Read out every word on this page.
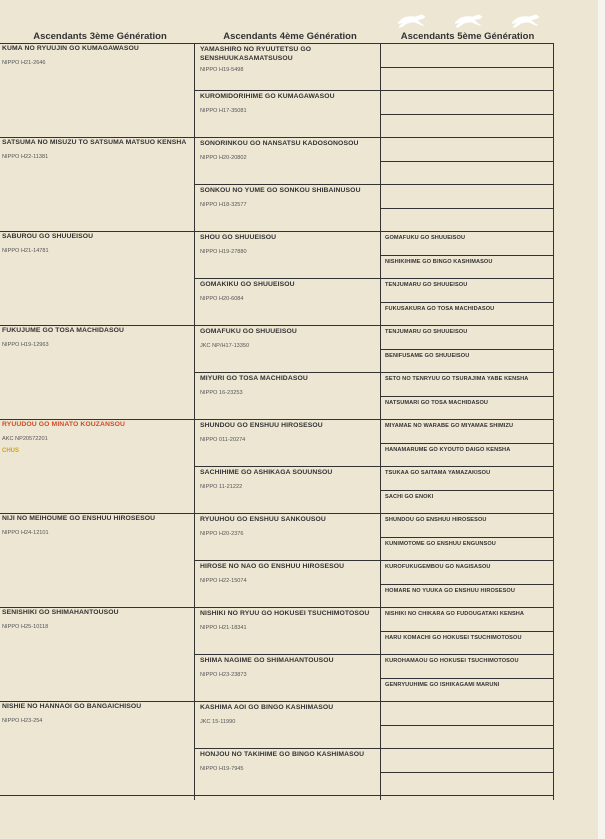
Ascendants 3ème Génération	Ascendants 4ème Génération	Ascendants 5ème Génération
KUMA NO RYUUJIN GO KUMAGAWASOU
NIPPO H21-2646
SATSUMA NO MISUZU TO SATSUMA MATSUO KENSHA
NIPPO H22-11381
SABUROU GO SHUUEISOU
NIPPO H21-14781
FUKUJUME GO TOSA MACHIDASOU
NIPPO H19-12963
RYUUDOU GO MINATO KOUZANSOU
AKC NP20572201
CHUS
NIJI NO MEIHOUME GO ENSHUU HIROSESOU
NIPPO H24-12101
SENISHIKI GO SHIMAHANTOUSOU
NIPPO H25-10118
NISHIE NO HANNAOI GO BANGAICHISOU
NIPPO H23-254
YAMASHIRO NO RYUUTETSU GO SENSHUUKASAMATSUSOU
NIPPO H19-5498
KUROMIDORIHIME GO KUMAGAWASOU
NIPPO H17-35081
SONORINKOU GO NANSATSU KADOSONOSOU
NIPPO H20-20802
SONKOU NO YUME GO SONKOU SHIBAINUSOU
NIPPO H18-32577
SHOU GO SHUUEISOU
NIPPO H19-27880
GOMAKIKU GO SHUUEISOU
NIPPO H20-6084
GOMAFUKU GO SHUUEISOU
JKC NP/H17-13350
MIYURI GO TOSA MACHIDASOU
NIPPO 16-23253
SHUNDOU GO ENSHUU HIROSESOU
NIPPO 011-20274
SACHIHIME GO ASHIKAGA SOUUNSOU
NIPPO 11-21222
RYUUHOU GO ENSHUU SANKOUSOU
NIPPO H20-2376
HIROSE NO NAO GO ENSHUU HIROSESOU
NIPPO H22-15074
NISHIKI NO RYUU GO HOKUSEI TSUCHIMOTOSOU
NIPPO H21-18341
SHIMA NAGIME GO SHIMAHANTOUSOU
NIPPO H23-23873
KASHIMA AOI GO BINGO KASHIMASOU
JKC 15-11990
HONJOU NO TAKIHIME GO BINGO KASHIMASOU
NIPPO H19-7945
GOMAFUKU GO SHUUEISOU
NISHIKIHIME GO BINGO KASHIMASOU
TENJUMARU GO SHUUEISOU
FUKUSAKURA GO TOSA MACHIDASOU
TENJUMARU GO SHUUEISOU
BENIFUSAME GO SHUUEISOU
SETO NO TENRYUU GO TSURAJIMA YABE KENSHA
NATSUMARI GO TOSA MACHIDASOU
MIYAMAE NO WARABE GO MIYAMAE SHIMIZU
HANAMARUME GO KYOUTO DAIGO KENSHA
TSUKAA GO SAITAMA YAMAZAKISOU
SACHI GO ENOKI
SHUNDOU GO ENSHUU HIROSESOU
KUNIMOTOME GO ENSHUU ENGUNSOU
KUROFUKUGEMBOU GO NAGISASOU
HOMARE NO YUUKA GO ENSHUU HIROSESOU
NISHIKI NO CHIKARA GO FUDOUGATAKI KENSHA
HARU KOMACHI GO HOKUSEI TSUCHIMOTOSOU
KUROHAMAOU GO HOKUSEI TSUCHIMOTOSOU
GENRYUUHIME GO ISHIKAGAMI MARUNI
